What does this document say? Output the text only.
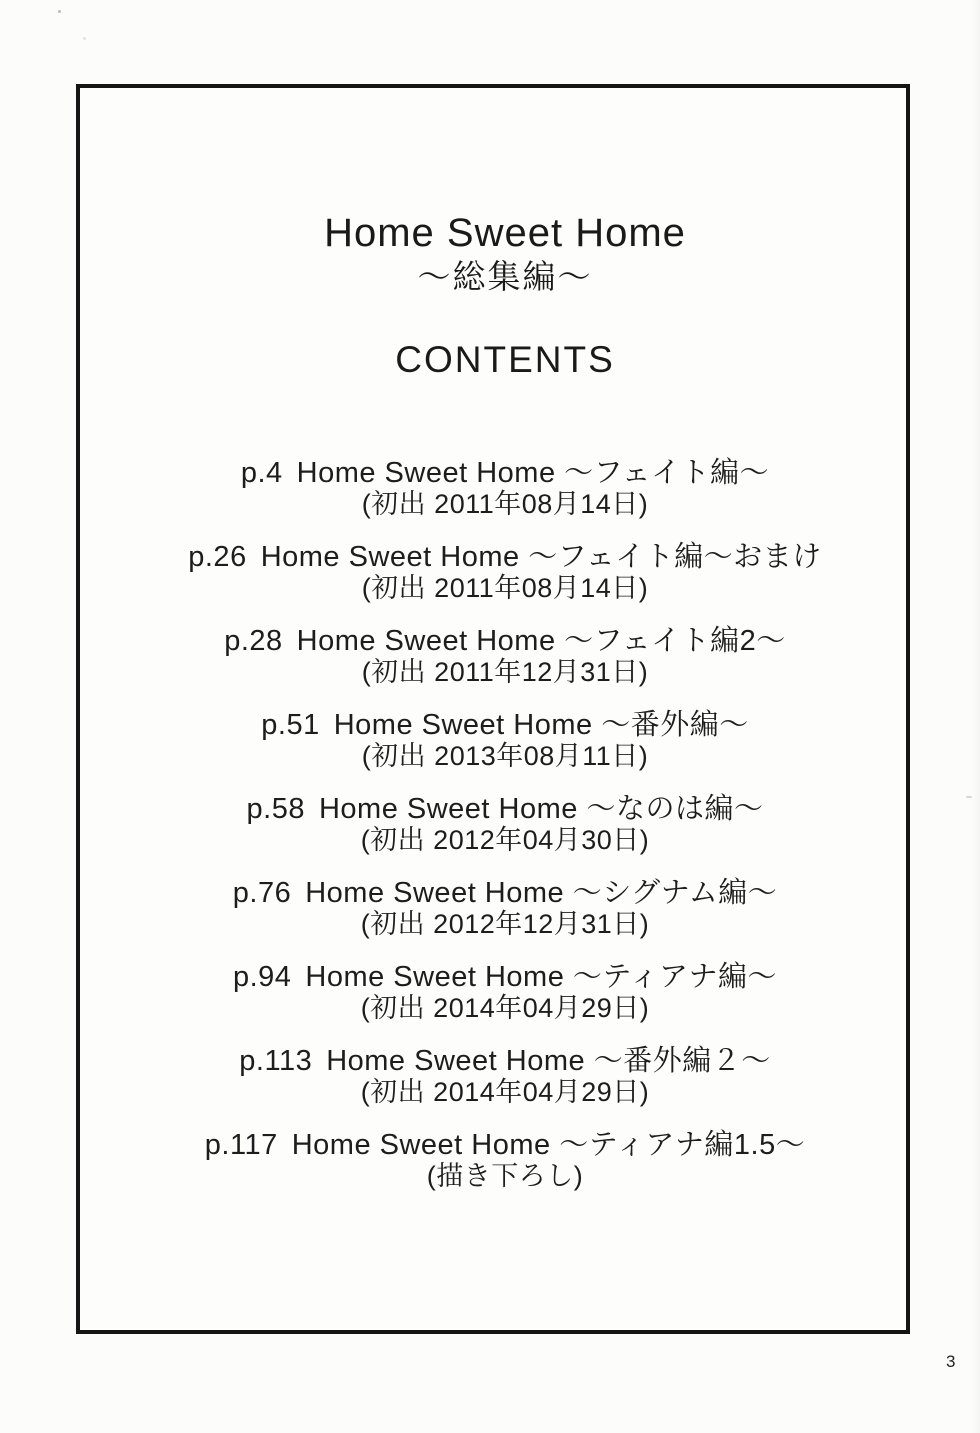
Home Sweet Home
～総集編～
CONTENTS
p.4 Home Sweet Home ～フェイト編～
(初出 2011年08月14日)
p.26 Home Sweet Home ～フェイト編～おまけ
(初出 2011年08月14日)
p.28 Home Sweet Home ～フェイト編2～
(初出 2011年12月31日)
p.51 Home Sweet Home ～番外編～
(初出 2013年08月11日)
p.58 Home Sweet Home ～なのは編～
(初出 2012年04月30日)
p.76 Home Sweet Home ～シグナム編～
(初出 2012年12月31日)
p.94 Home Sweet Home ～ティアナ編～
(初出 2014年04月29日)
p.113 Home Sweet Home ～番外編２～
(初出 2014年04月29日)
p.117 Home Sweet Home ～ティアナ編1.5～
(描き下ろし)
3
